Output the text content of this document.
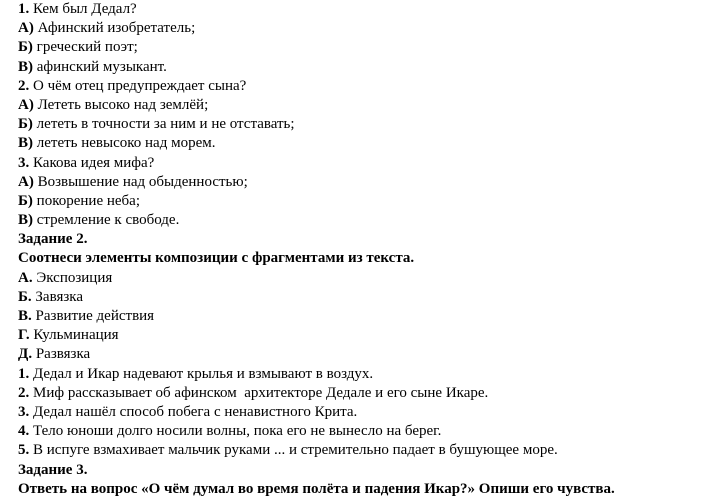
1. Кем был Дедал?
А) Афинский изобретатель;
Б) греческий поэт;
В) афинский музыкант.
2. О чём отец предупреждает сына?
А) Лететь высоко над землёй;
Б) лететь в точности за ним и не отставать;
В) лететь невысоко над морем.
3. Какова идея мифа?
А) Возвышение над обыденностью;
Б) покорение неба;
В) стремление к свободе.
Задание 2.
Соотнеси элементы композиции с фрагментами из текста.
А. Экспозиция
Б. Завязка
В. Развитие действия
Г. Кульминация
Д. Развязка
1. Дедал и Икар надевают крылья и взмывают в воздух.
2. Миф рассказывает об афинском  архитекторе Дедале и его сыне Икаре.
3. Дедал нашёл способ побега с ненавистного Крита.
4. Тело юноши долго носили волны, пока его не вынесло на берег.
5. В испуге взмахивает мальчик руками ... и стремительно падает в бушующее море.
Задание 3.
Ответь на вопрос «О чём думал во время полёта и падения Икар?» Опиши его чувства.
